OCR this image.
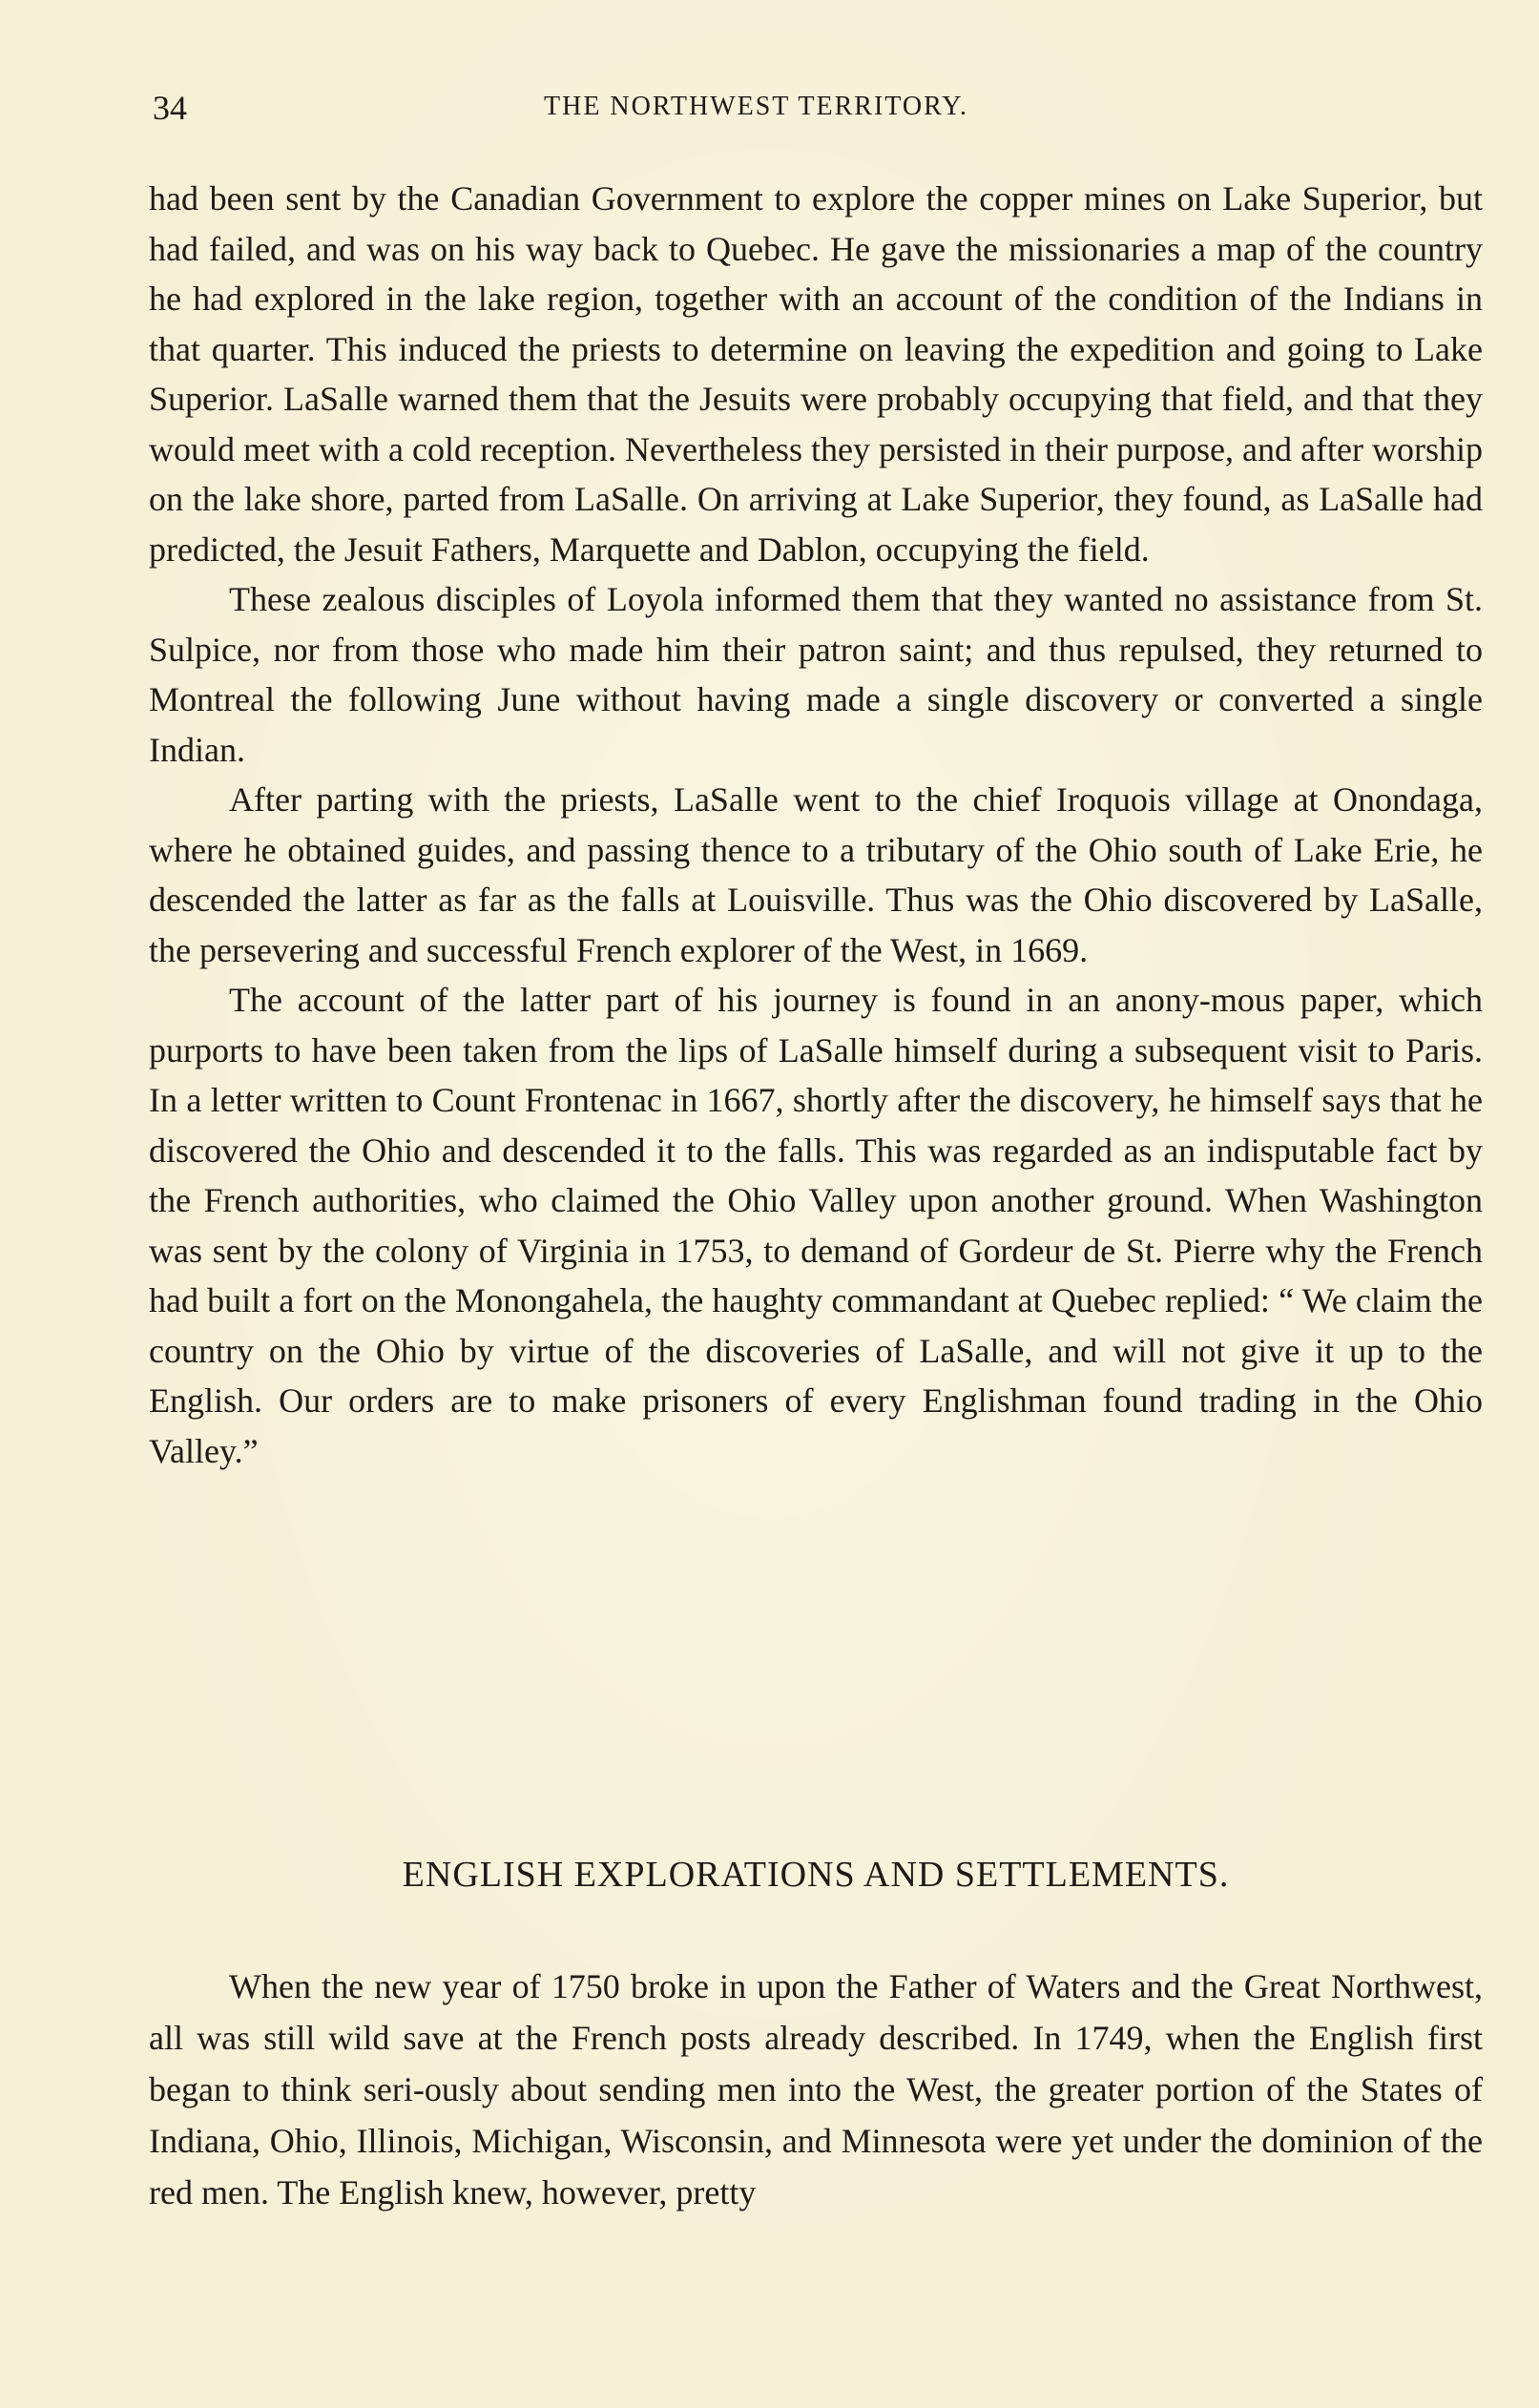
34	THE NORTHWEST TERRITORY.

had been sent by the Canadian Government to explore the copper mines on Lake Superior, but had failed, and was on his way back to Quebec. He gave the missionaries a map of the country he had explored in the lake region, together with an account of the condition of the Indians in that quarter. This induced the priests to determine on leaving the expedition and going to Lake Superior. LaSalle warned them that the Jesuits were probably occupying that field, and that they would meet with a cold reception. Nevertheless they persisted in their purpose, and after worship on the lake shore, parted from LaSalle. On arriving at Lake Superior, they found, as LaSalle had predicted, the Jesuit Fathers, Marquette and Dablon, occupying the field.

These zealous disciples of Loyola informed them that they wanted no assistance from St. Sulpice, nor from those who made him their patron saint; and thus repulsed, they returned to Montreal the following June without having made a single discovery or converted a single Indian.

After parting with the priests, LaSalle went to the chief Iroquois village at Onondaga, where he obtained guides, and passing thence to a tributary of the Ohio south of Lake Erie, he descended the latter as far as the falls at Louisville. Thus was the Ohio discovered by LaSalle, the persevering and successful French explorer of the West, in 1669.

The account of the latter part of his journey is found in an anony-mous paper, which purports to have been taken from the lips of LaSalle himself during a subsequent visit to Paris. In a letter written to Count Frontenac in 1667, shortly after the discovery, he himself says that he discovered the Ohio and descended it to the falls. This was regarded as an indisputable fact by the French authorities, who claimed the Ohio Valley upon another ground. When Washington was sent by the colony of Virginia in 1753, to demand of Gordeur de St. Pierre why the French had built a fort on the Monongahela, the haughty commandant at Quebec replied: “ We claim the country on the Ohio by virtue of the discoveries of LaSalle, and will not give it up to the English. Our orders are to make prisoners of every Englishman found trading in the Ohio Valley.”

ENGLISH EXPLORATIONS AND SETTLEMENTS.

When the new year of 1750 broke in upon the Father of Waters and the Great Northwest, all was still wild save at the French posts already described. In 1749, when the English first began to think seri-ously about sending men into the West, the greater portion of the States of Indiana, Ohio, Illinois, Michigan, Wisconsin, and Minnesota were yet under the dominion of the red men. The English knew, however, pretty
